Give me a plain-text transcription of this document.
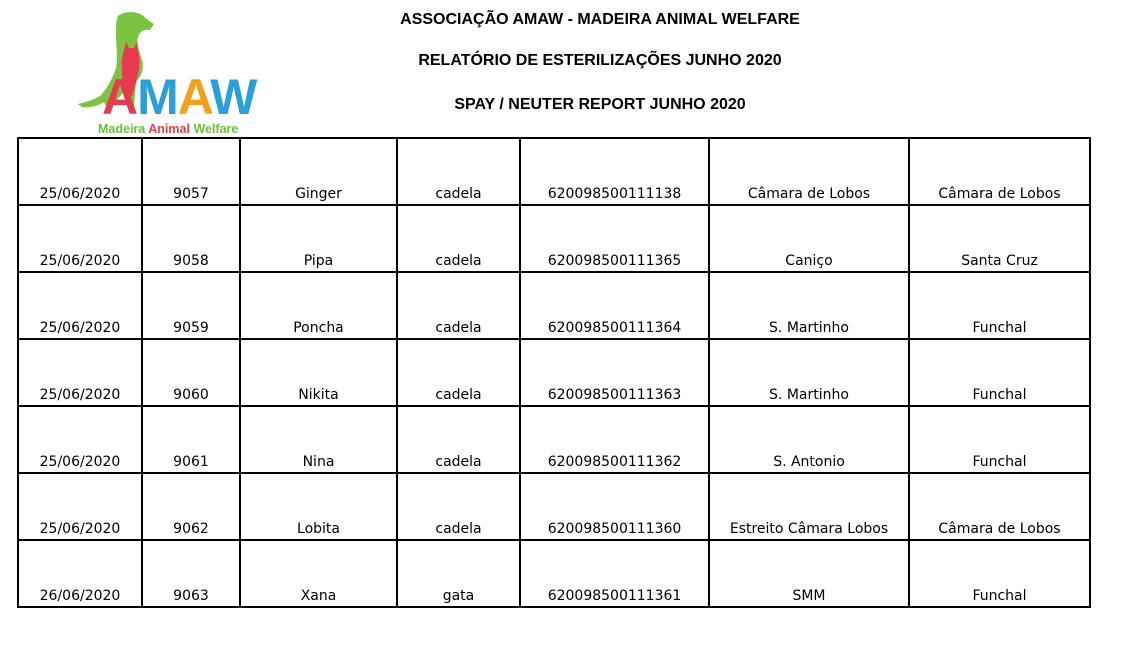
AMAW
Madeira Animal Welfare
ASSOCIAÇÃO AMAW - MADEIRA ANIMAL WELFARE
RELATÓRIO DE ESTERILIZAÇÕES JUNHO 2020
SPAY / NEUTER REPORT JUNHO 2020
25/06/2020	9057	Ginger	cadela	620098500111138	Câmara de Lobos	Câmara de Lobos
25/06/2020	9058	Pipa	cadela	620098500111365	Caniço	Santa Cruz
25/06/2020	9059	Poncha	cadela	620098500111364	S. Martinho	Funchal
25/06/2020	9060	Nikita	cadela	620098500111363	S. Martinho	Funchal
25/06/2020	9061	Nina	cadela	620098500111362	S. Antonio	Funchal
25/06/2020	9062	Lobita	cadela	620098500111360	Estreito Câmara Lobos	Câmara de Lobos
26/06/2020	9063	Xana	gata	620098500111361	SMM	Funchal
